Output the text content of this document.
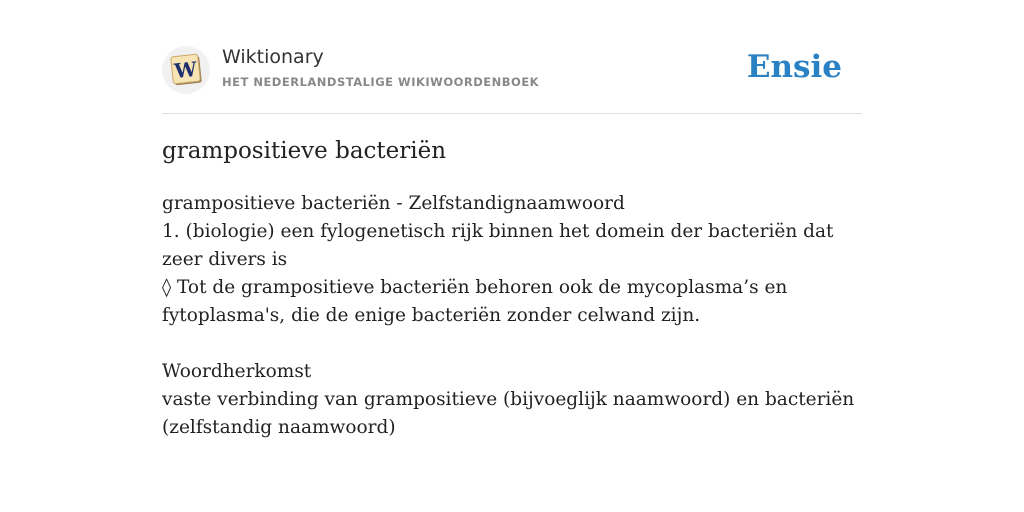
W Wiktionary
HET NEDERLANDSTALIGE WIKIWOORDENBOEK	Ensie
grampositieve bacteriën

grampositieve bacteriën - Zelfstandignaamwoord

1. (biologie) een fylogenetisch rijk binnen het domein der bacteriën dat zeer divers is

◊ Tot de grampositieve bacteriën behoren ook de mycoplasma’s en fytoplasma's, die de enige bacteriën zonder celwand zijn.

Woordherkomst

vaste verbinding van grampositieve (bijvoeglijk naamwoord) en bacteriën (zelfstandig naamwoord)
